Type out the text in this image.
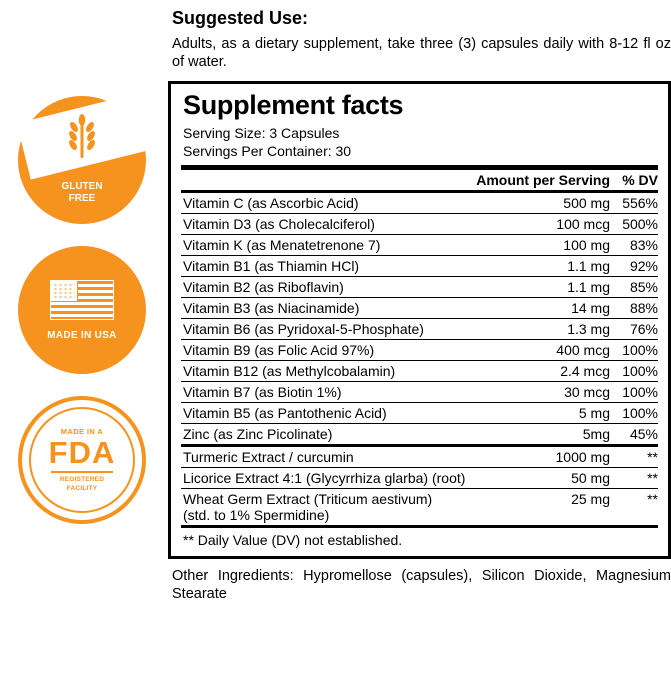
GLUTEN
FREE
MADE IN USA
MADE IN A
FDA
REGISTERED
FACILITY
Suggested Use:
Adults, as a dietary supplement, take three (3) capsules daily with 8-12 fl oz of water.
Supplement facts
Serving Size: 3 Capsules
Servings Per Container: 30
	Amount per Serving	% DV
Vitamin C (as Ascorbic Acid)	500 mg	556%
Vitamin D3 (as Cholecalciferol)	100 mcg	500%
Vitamin K (as Menatetrenone 7)	100 mg	83%
Vitamin B1 (as Thiamin HCl)	1.1 mg	92%
Vitamin B2 (as Riboflavin)	1.1 mg	85%
Vitamin B3 (as Niacinamide)	14 mg	88%
Vitamin B6 (as Pyridoxal-5-Phosphate)	1.3 mg	76%
Vitamin B9 (as Folic Acid 97%)	400 mcg	100%
Vitamin B12 (as Methylcobalamin)	2.4 mcg	100%
Vitamin B7 (as Biotin 1%)	30 mcg	100%
Vitamin B5 (as Pantothenic Acid)	5 mg	100%
Zinc (as Zinc Picolinate)	5mg	45%
Turmeric Extract / curcumin	1000 mg	**
Licorice Extract 4:1 (Glycyrrhiza glarba) (root)	50 mg	**

Wheat Germ Extract (Triticum aestivum)
(std. to 1% Spermidine)	25 mg	**
** Daily Value (DV) not established.
Other Ingredients: Hypromellose (capsules), Silicon Dioxide, Magnesium Stearate
